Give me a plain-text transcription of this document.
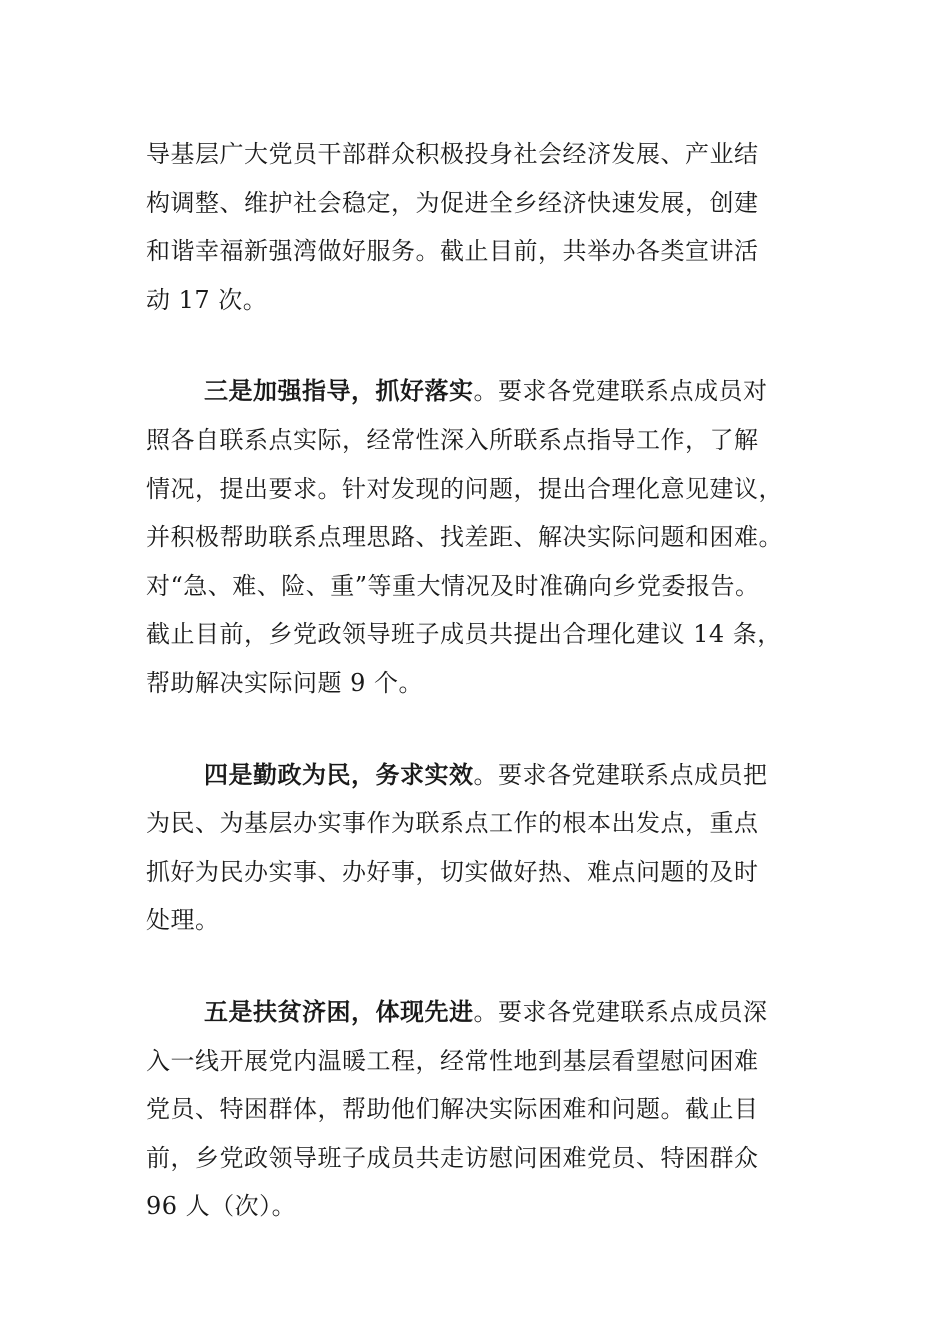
导基层广大党员干部群众积极投身社会经济发展、产业结
构调整、维护社会稳定，为促进全乡经济快速发展，创建
和谐幸福新强湾做好服务。截止目前，共举办各类宣讲活
动 17 次。
三是加强指导，抓好落实。要求各党建联系点成员对
照各自联系点实际，经常性深入所联系点指导工作，了解
情况，提出要求。针对发现的问题，提出合理化意见建议，
并积极帮助联系点理思路、找差距、解决实际问题和困难。
对“急、难、险、重”等重大情况及时准确向乡党委报告。
截止目前，乡党政领导班子成员共提出合理化建议 14 条，
帮助解决实际问题 9 个。
四是勤政为民，务求实效。要求各党建联系点成员把
为民、为基层办实事作为联系点工作的根本出发点，重点
抓好为民办实事、办好事，切实做好热、难点问题的及时
处理。
五是扶贫济困，体现先进。要求各党建联系点成员深
入一线开展党内温暖工程，经常性地到基层看望慰问困难
党员、特困群体，帮助他们解决实际困难和问题。截止目
前，乡党政领导班子成员共走访慰问困难党员、特困群众
96 人（次）。
